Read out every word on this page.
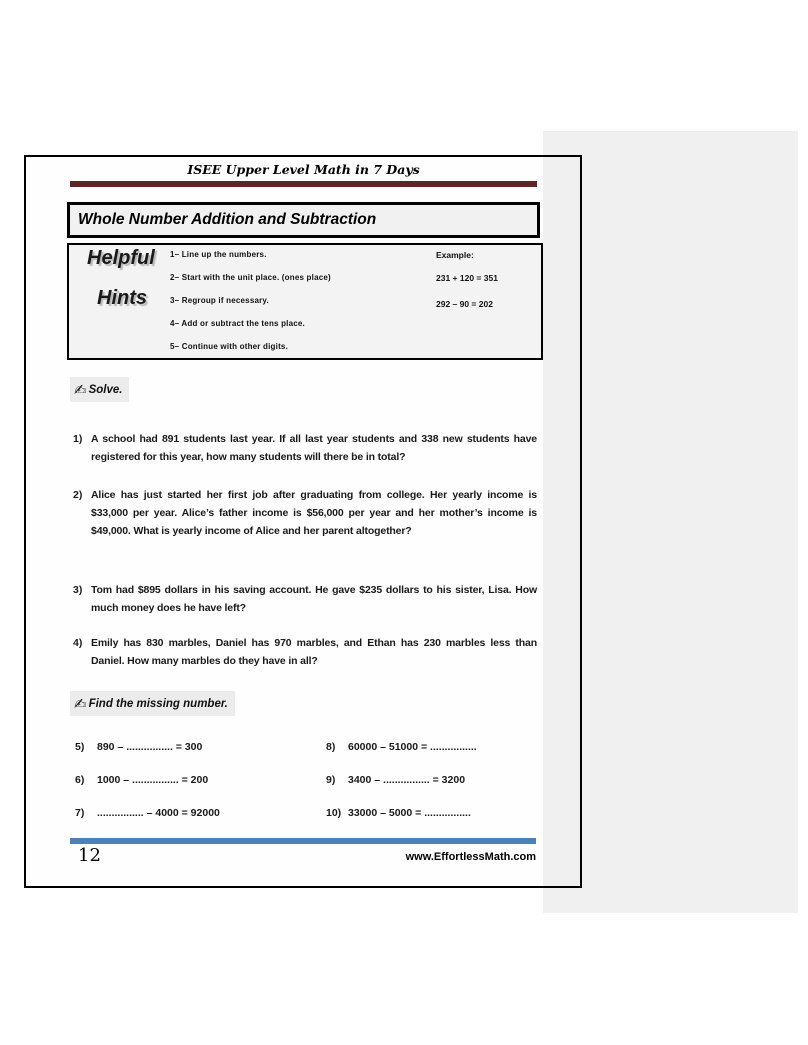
ISEE Upper Level Math in 7 Days
Whole Number Addition and Subtraction
Helpful
Hints
1– Line up the numbers.
2– Start with the unit place. (ones place)
3– Regroup if necessary.
4– Add or subtract the tens place.
5– Continue with other digits.
Example:
231 + 120 = 351
292 – 90 = 202
✍ Solve.
1) A school had 891 students last year. If all last year students and 338 new students have registered for this year, how many students will there be in total?
2) Alice has just started her first job after graduating from college. Her yearly income is $33,000 per year. Alice’s father income is $56,000 per year and her mother’s income is $49,000. What is yearly income of Alice and her parent altogether?
3) Tom had $895 dollars in his saving account. He gave $235 dollars to his sister, Lisa. How much money does he have left?
4) Emily has 830 marbles, Daniel has 970 marbles, and Ethan has 230 marbles less than Daniel. How many marbles do they have in all?
✍ Find the missing number.
5)	890 – ................ = 300
6)	1000 – ................ = 200
7)	................ – 4000 = 92000
8)	60000 – 51000 = ................
9)	3400 – ................ = 3200
10) 33000 – 5000 = ................
12	www.EffortlessMath.com
